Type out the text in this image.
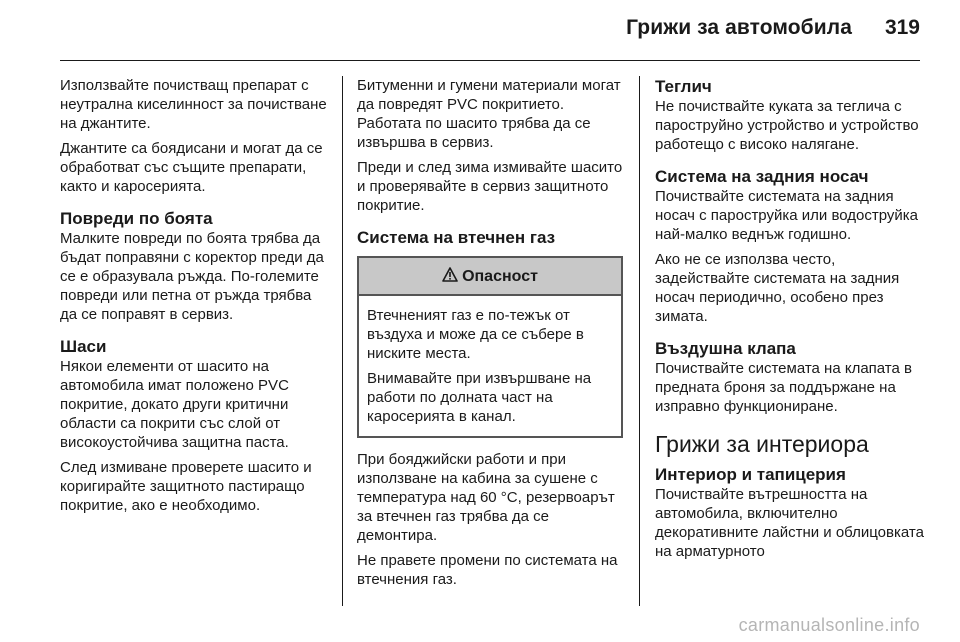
Грижи за автомобила 319

Използвайте почистващ препарат с неутрална киселинност за почистване на джантите.

Джантите са боядисани и могат да се обработват със същите препарати, както и каросерията.

Повреди по боята

Малките повреди по боята трябва да бъдат поправяни с коректор преди да се е образувала ръжда. По-големите повреди или петна от ръжда трябва да се поправят в сервиз.

Шаси

Някои елементи от шасито на автомобила имат положено PVC покритие, докато други критични области са покрити със слой от високоустойчива защитна паста.

След измиване проверете шасито и коригирайте защитното пастиращо покритие, ако е необходимо.

Битуменни и гумени материали могат да повредят PVC покритието. Работата по шасито трябва да се извършва в сервиз.

Преди и след зима измивайте шасито и проверявайте в сервиз защитното покритие.

Система на втечнен газ
Опасност

Втечненият газ е по-тежък от въздуха и може да се събере в ниските места.

Внимавайте при извършване на работи по долната част на каросерията в канал.

При бояджийски работи и при използване на кабина за сушене с температура над 60 °C, резервоарът за втечнен газ трябва да се демонтира.

Не правете промени по системата на втечнения газ.

Теглич

Не почиствайте куката за теглича с пароструйно устройство и устройство работещо с високо налягане.

Система на задния носач

Почиствайте системата на задния носач с пароструйка или водоструйка най-малко веднъж годишно.

Ако не се използва често, задействайте системата на задния носач периодично, особено през зимата.

Въздушна клапа

Почиствайте системата на клапата в предната броня за поддържане на изправно функциониране.

Грижи за интериора
Интериор и тапицерия

Почиствайте вътрешността на автомобила, включително декоративните лайстни и облицовката на арматурното

carmanualsonline.info
